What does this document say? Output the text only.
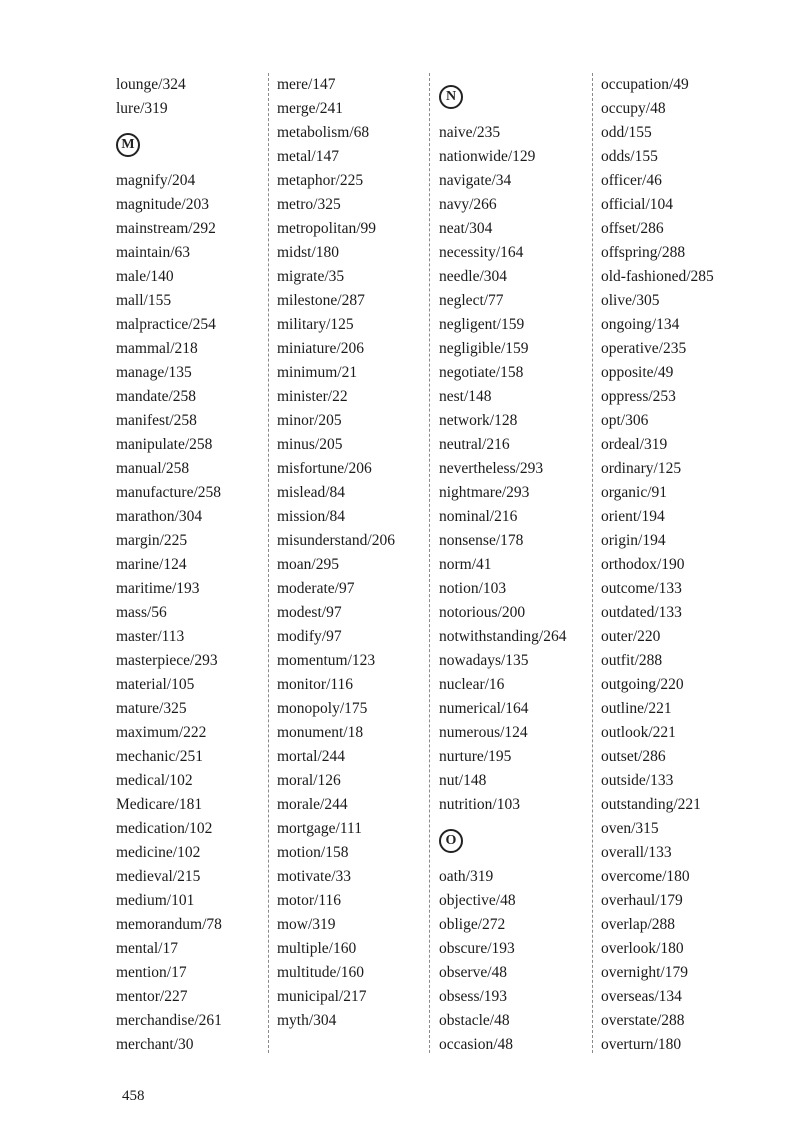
lounge/324
lure/319
M
magnify/204
magnitude/203
mainstream/292
maintain/63
male/140
mall/155
malpractice/254
mammal/218
manage/135
mandate/258
manifest/258
manipulate/258
manual/258
manufacture/258
marathon/304
margin/225
marine/124
maritime/193
mass/56
master/113
masterpiece/293
material/105
mature/325
maximum/222
mechanic/251
medical/102
Medicare/181
medication/102
medicine/102
medieval/215
medium/101
memorandum/78
mental/17
mention/17
mentor/227
merchandise/261
merchant/30
mere/147
merge/241
metabolism/68
metal/147
metaphor/225
metro/325
metropolitan/99
midst/180
migrate/35
milestone/287
military/125
miniature/206
minimum/21
minister/22
minor/205
minus/205
misfortune/206
mislead/84
mission/84
misunderstand/206
moan/295
moderate/97
modest/97
modify/97
momentum/123
monitor/116
monopoly/175
monument/18
mortal/244
moral/126
morale/244
mortgage/111
motion/158
motivate/33
motor/116
mow/319
multiple/160
multitude/160
municipal/217
myth/304
N
naive/235
nationwide/129
navigate/34
navy/266
neat/304
necessity/164
needle/304
neglect/77
negligent/159
negligible/159
negotiate/158
nest/148
network/128
neutral/216
nevertheless/293
nightmare/293
nominal/216
nonsense/178
norm/41
notion/103
notorious/200
notwithstanding/264
nowadays/135
nuclear/16
numerical/164
numerous/124
nurture/195
nut/148
nutrition/103
O
oath/319
objective/48
oblige/272
obscure/193
observe/48
obsess/193
obstacle/48
occasion/48
occupation/49
occupy/48
odd/155
odds/155
officer/46
official/104
offset/286
offspring/288
old-fashioned/285
olive/305
ongoing/134
operative/235
opposite/49
oppress/253
opt/306
ordeal/319
ordinary/125
organic/91
orient/194
origin/194
orthodox/190
outcome/133
outdated/133
outer/220
outfit/288
outgoing/220
outline/221
outlook/221
outset/286
outside/133
outstanding/221
oven/315
overall/133
overcome/180
overhaul/179
overlap/288
overlook/180
overnight/179
overseas/134
overstate/288
overturn/180
458
